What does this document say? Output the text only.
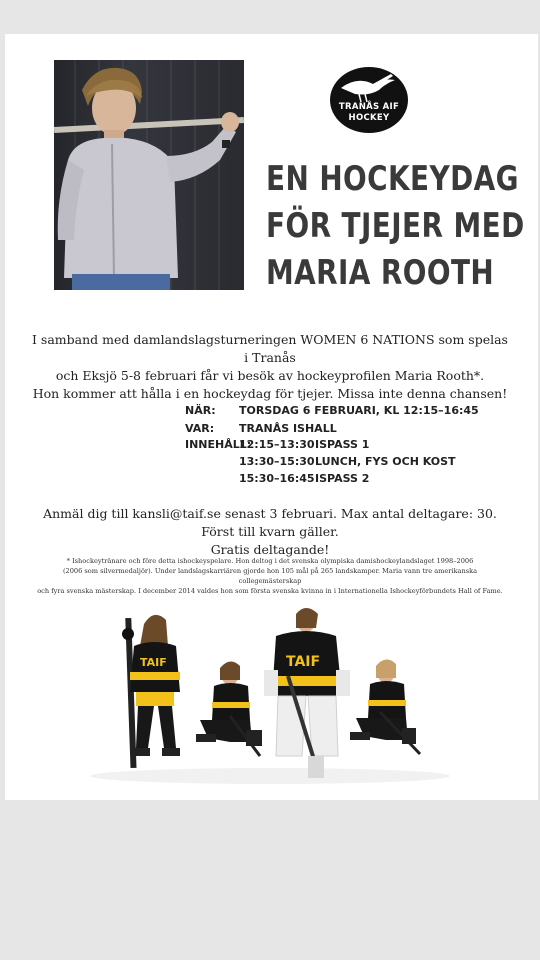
TRANÅS AIF
HOCKEY
EN HOCKEYDAG
FÖR TJEJER MED
MARIA ROOTH
I samband med damlandslagsturneringen WOMEN 6 NATIONS som spelas i Tranås
och Eksjö 5-8 februari får vi besök av hockeyprofilen Maria Rooth*.
Hon kommer att hålla i en hockeydag för tjejer. Missa inte denna chansen!
NÄR: TORSDAG 6 FEBRUARI, KL 12:15–16:45
VAR: TRANÅS ISHALL
INNEHÅLL:
12:15–13:30 ISPASS 1
13:30–15:30 LUNCH, FYS OCH KOST
15:30–16:45 ISPASS 2
Anmäl dig till kansli@taif.se senast 3 februari. Max antal deltagare: 30. Först till kvarn gäller.
Gratis deltagande!
* Ishockeytränare och före detta ishockeyspelare. Hon deltog i det svenska olympiska damishockeylandslaget 1998–2006
(2006 som silvermedaljör). Under landslagskarriären gjorde hon 105 mål på 265 landskamper. Maria vann tre amerikanska collegemästerskap
och fyra svenska mästerskap. I december 2014 valdes hon som första svenska kvinna in i Internationella Ishockeyförbundets Hall of Fame.
TAIF	TAIF
